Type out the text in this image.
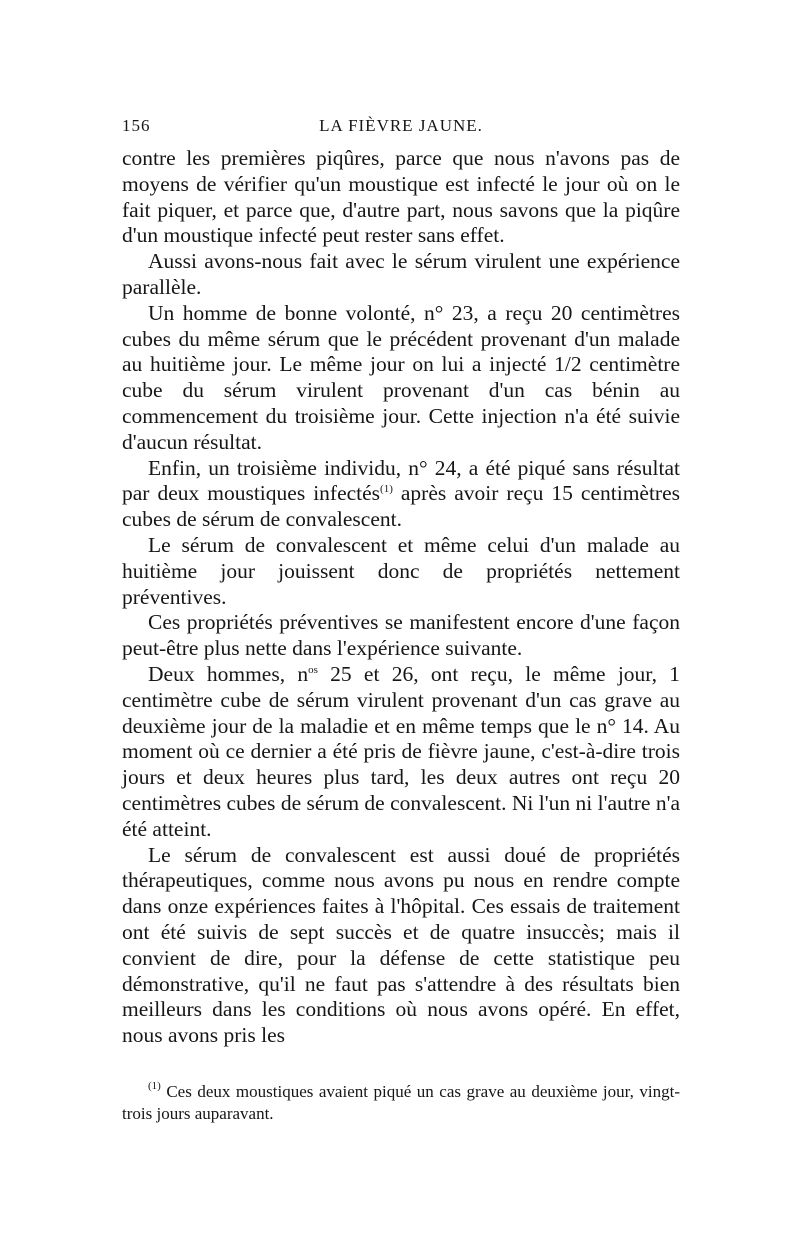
156	LA FIÈVRE JAUNE.

contre les premières piqûres, parce que nous n'avons pas de moyens de vérifier qu'un moustique est infecté le jour où on le fait piquer, et parce que, d'autre part, nous savons que la piqûre d'un moustique infecté peut rester sans effet.

Aussi avons-nous fait avec le sérum virulent une expérience parallèle.

Un homme de bonne volonté, n° 23, a reçu 20 centimètres cubes du même sérum que le précédent provenant d'un malade au huitième jour. Le même jour on lui a injecté 1/2 centimètre cube du sérum virulent provenant d'un cas bénin au commencement du troisième jour. Cette injection n'a été suivie d'aucun résultat.

Enfin, un troisième individu, n° 24, a été piqué sans résultat par deux moustiques infectés$^{(1)}$ après avoir reçu 15 centimètres cubes de sérum de convalescent.

Le sérum de convalescent et même celui d'un malade au huitième jour jouissent donc de propriétés nettement préventives.

Ces propriétés préventives se manifestent encore d'une façon peut-être plus nette dans l'expérience suivante.

Deux hommes, $n^{os}$ 25 et 26, ont reçu, le même jour, 1 centimètre cube de sérum virulent provenant d'un cas grave au deuxième jour de la maladie et en même temps que le n° 14. Au moment où ce dernier a été pris de fièvre jaune, c'est-à-dire trois jours et deux heures plus tard, les deux autres ont reçu 20 centimètres cubes de sérum de convalescent. Ni l'un ni l'autre n'a été atteint.

Le sérum de convalescent est aussi doué de propriétés thérapeutiques, comme nous avons pu nous en rendre compte dans onze expériences faites à l'hôpital. Ces essais de traitement ont été suivis de sept succès et de quatre insuccès; mais il convient de dire, pour la défense de cette statistique peu démonstrative, qu'il ne faut pas s'attendre à des résultats bien meilleurs dans les conditions où nous avons opéré. En effet, nous avons pris les

$^{(1)}$ Ces deux moustiques avaient piqué un cas grave au deuxième jour, vingt-trois jours auparavant.
